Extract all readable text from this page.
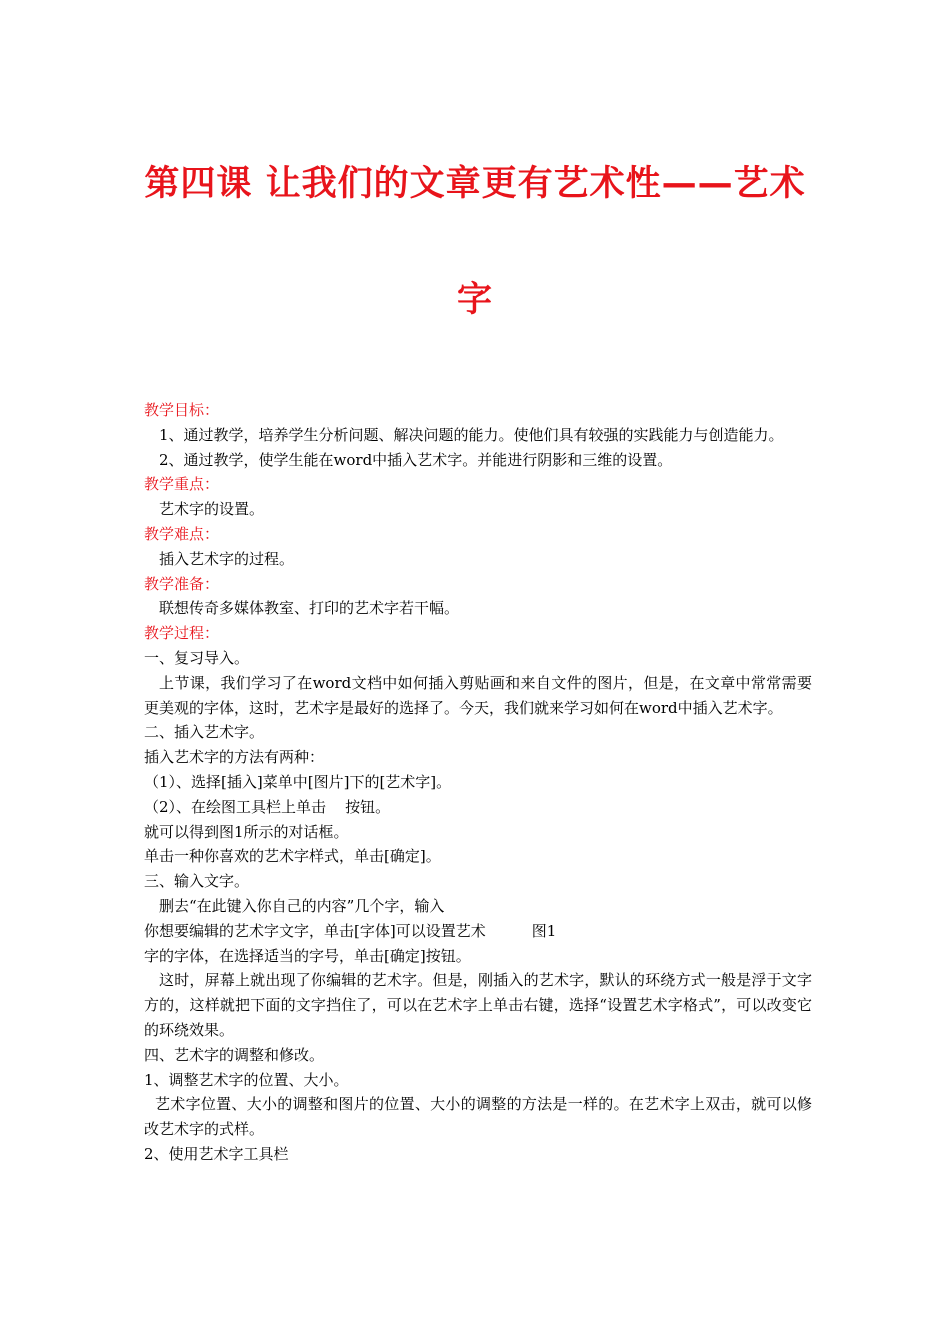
第四课 让我们的文章更有艺术性——艺术
字
教学目标：
1、通过教学，培养学生分析问题、解决问题的能力。使他们具有较强的实践能力与创造能力。
2、通过教学，使学生能在word中插入艺术字。并能进行阴影和三维的设置。
教学重点：
艺术字的设置。
教学难点：
插入艺术字的过程。
教学准备：
联想传奇多媒体教室、打印的艺术字若干幅。
教学过程：
一、复习导入。
上节课，我们学习了在word文档中如何插入剪贴画和来自文件的图片，但是，在文章中常常需要更美观的字体，这时，艺术字是最好的选择了。今天，我们就来学习如何在word中插入艺术字。
二、插入艺术字。
插入艺术字的方法有两种：
（1）、选择[插入]菜单中[图片]下的[艺术字]。
（2）、在绘图工具栏上单击    按钮。
就可以得到图1所示的对话框。
单击一种你喜欢的艺术字样式，单击[确定]。
三、输入文字。
删去“在此键入你自己的内容”几个字，输入
你想要编辑的艺术字文字，单击[字体]可以设置艺术	图1
字的字体，在选择适当的字号，单击[确定]按钮。
这时，屏幕上就出现了你编辑的艺术字。但是，刚插入的艺术字，默认的环绕方式一般是浮于文字方的，这样就把下面的文字挡住了，可以在艺术字上单击右键，选择“设置艺术字格式”，可以改变它的环绕效果。
四、艺术字的调整和修改。
1、调整艺术字的位置、大小。
艺术字位置、大小的调整和图片的位置、大小的调整的方法是一样的。在艺术字上双击，就可以修改艺术字的式样。
2、使用艺术字工具栏
